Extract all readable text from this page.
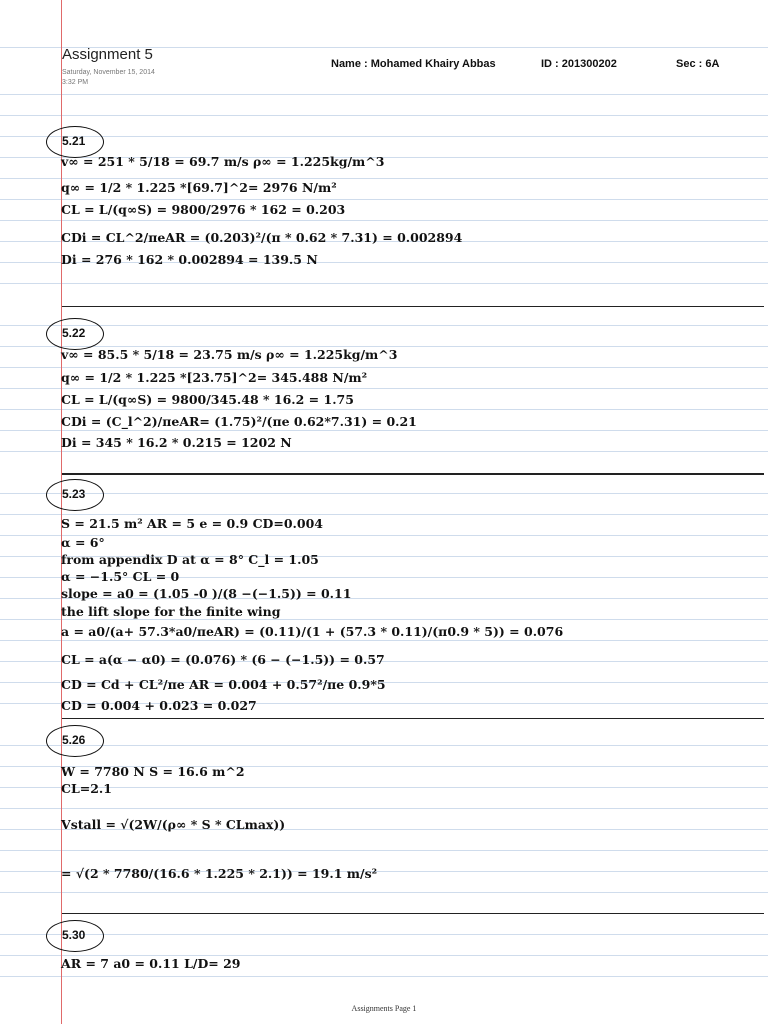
Assignment 5
Saturday, November 15, 2014
3:32 PM
Name : Mohamed Khairy Abbas	ID : 201300202	Sec : 6A
5.21
v∞ = 251 * 5/18 = 69.7 m/s ρ∞ = 1.225kg/m^3
q∞ = 1/2 * 1.225 *[69.7]^2= 2976 N/m²
CL = L/(q∞S) = 9800/2976 * 162 = 0.203
CDi = CL^2/πeAR = (0.203)²/(π * 0.62 * 7.31) = 0.002894
Di = 276 * 162 * 0.002894 = 139.5 N
5.22
v∞ = 85.5 * 5/18 = 23.75 m/s ρ∞ = 1.225kg/m^3
q∞ = 1/2 * 1.225 *[23.75]^2= 345.488 N/m²
CL = L/(q∞S) = 9800/345.48 * 16.2 = 1.75
CDi = (C_l^2)/πeAR= (1.75)²/(πe 0.62*7.31) = 0.21
Di = 345 * 16.2 * 0.215 = 1202 N
5.23
S = 21.5 m² AR = 5 e = 0.9 CD=0.004
α = 6°
from appendix D at α = 8° C_l = 1.05
α = −1.5° CL = 0
slope = a0 = (1.05 -0 )/(8 −(−1.5)) = 0.11
the lift slope for the finite wing
a = a0/(a+ 57.3*a0/πeAR) = (0.11)/(1 + (57.3 * 0.11)/(π0.9 * 5)) = 0.076
CL = a(α − α0) = (0.076) * (6 − (−1.5)) = 0.57
CD = Cd + CL²/πe AR = 0.004 + 0.57²/πe 0.9*5
CD = 0.004 + 0.023 = 0.027
5.26
W = 7780 N S = 16.6 m^2
CL=2.1
Vstall = √(2W/(ρ∞ * S * CLmax))
= √(2 * 7780/(16.6 * 1.225 * 2.1)) = 19.1 m/s²
5.30
AR = 7 a0 = 0.11 L/D= 29
Assignments Page 1
